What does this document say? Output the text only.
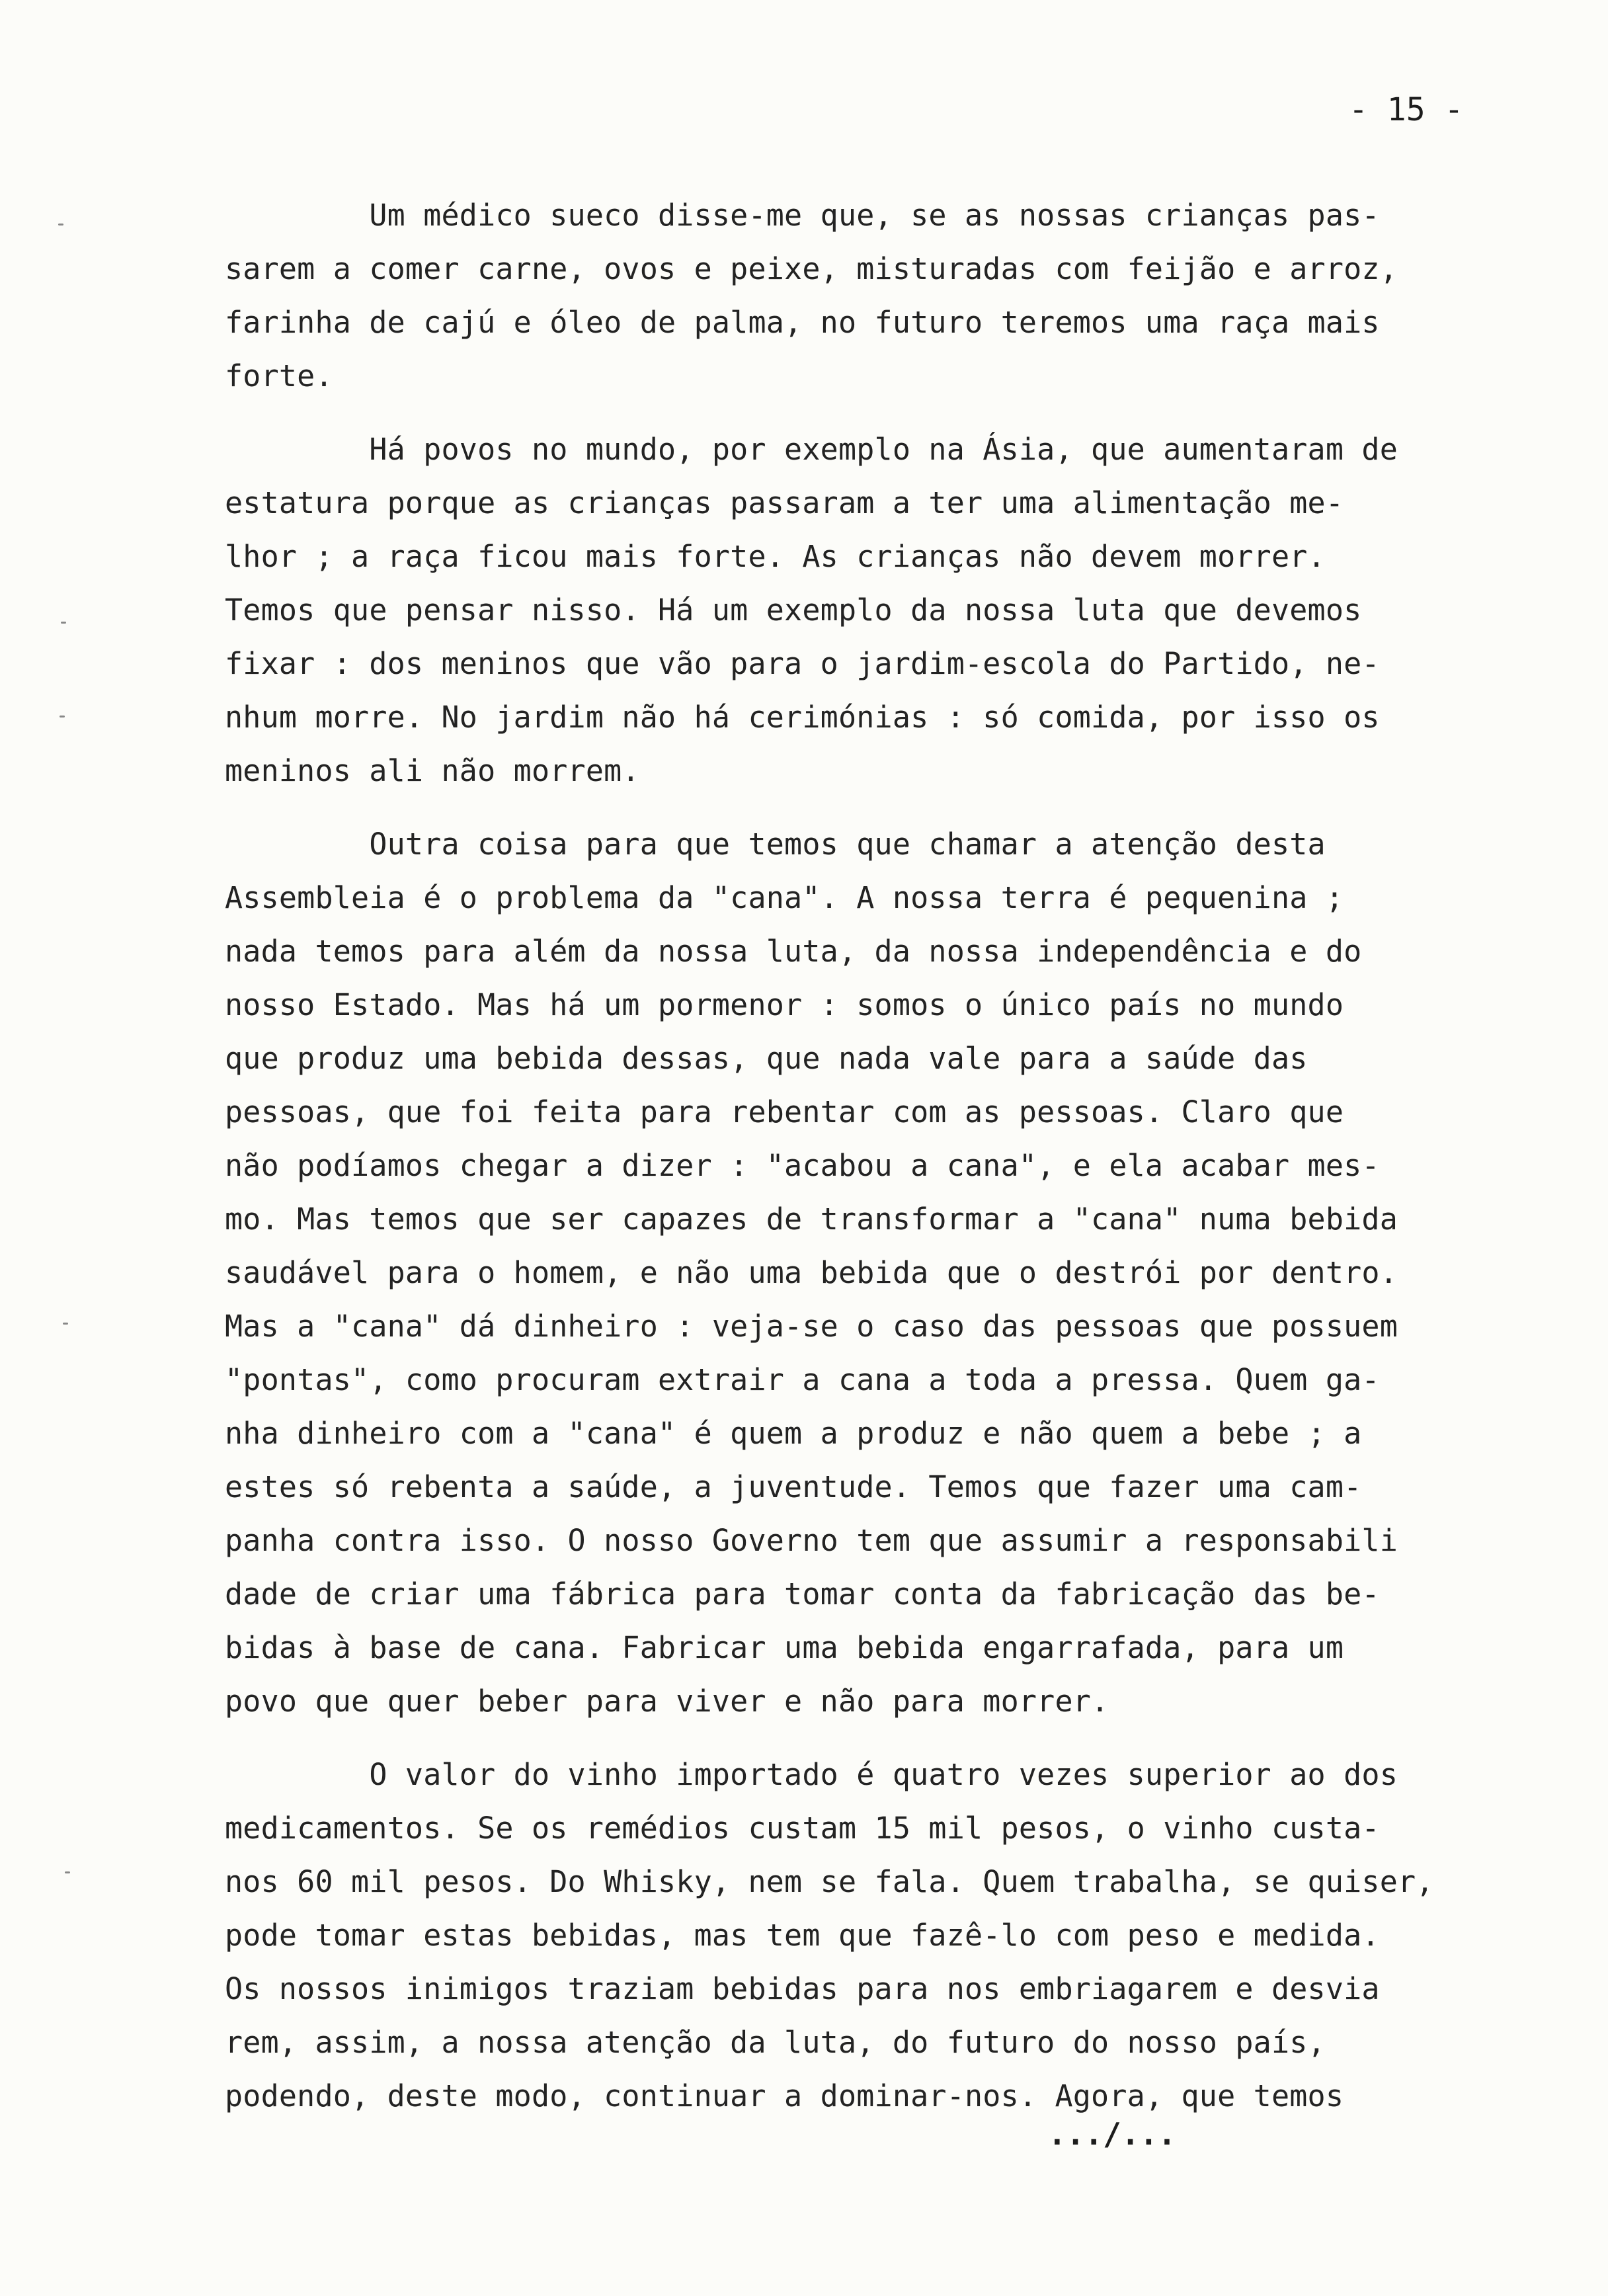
- 15 -
Um médico sueco disse-me que, se as nossas crianças pas-
sarem a comer carne, ovos e peixe, misturadas com feijão e arroz,
farinha de cajú e óleo de palma, no futuro teremos uma raça mais
forte.
Há povos no mundo, por exemplo na Ásia, que aumentaram de
estatura porque as crianças passaram a ter uma alimentação me-
lhor ; a raça ficou mais forte. As crianças não devem morrer.
Temos que pensar nisso. Há um exemplo da nossa luta que devemos
fixar : dos meninos que vão para o jardim-escola do Partido, ne-
nhum morre. No jardim não há cerimónias : só comida, por isso os
meninos ali não morrem.
Outra coisa para que temos que chamar a atenção desta
Assembleia é o problema da "cana". A nossa terra é pequenina ;
nada temos para além da nossa luta, da nossa independência e do
nosso Estado. Mas há um pormenor : somos o único país no mundo
que produz uma bebida dessas, que nada vale para a saúde das
pessoas, que foi feita para rebentar com as pessoas. Claro que
não podíamos chegar a dizer : "acabou a cana", e ela acabar mes-
mo. Mas temos que ser capazes de transformar a "cana" numa bebida
saudável para o homem, e não uma bebida que o destrói por dentro.
Mas a "cana" dá dinheiro : veja-se o caso das pessoas que possuem
"pontas", como procuram extrair a cana a toda a pressa. Quem ga-
nha dinheiro com a "cana" é quem a produz e não quem a bebe ; a
estes só rebenta a saúde, a juventude. Temos que fazer uma cam-
panha contra isso. O nosso Governo tem que assumir a responsabili
dade de criar uma fábrica para tomar conta da fabricação das be-
bidas à base de cana. Fabricar uma bebida engarrafada, para um
povo que quer beber para viver e não para morrer.
O valor do vinho importado é quatro vezes superior ao dos
medicamentos. Se os remédios custam 15 mil pesos, o vinho custa-
nos 60 mil pesos. Do Whisky, nem se fala. Quem trabalha, se quiser,
pode tomar estas bebidas, mas tem que fazê-lo com peso e medida.
Os nossos inimigos traziam bebidas para nos embriagarem e desvia
rem, assim, a nossa atenção da luta, do futuro do nosso país,
podendo, deste modo, continuar a dominar-nos. Agora, que temos
.../...
